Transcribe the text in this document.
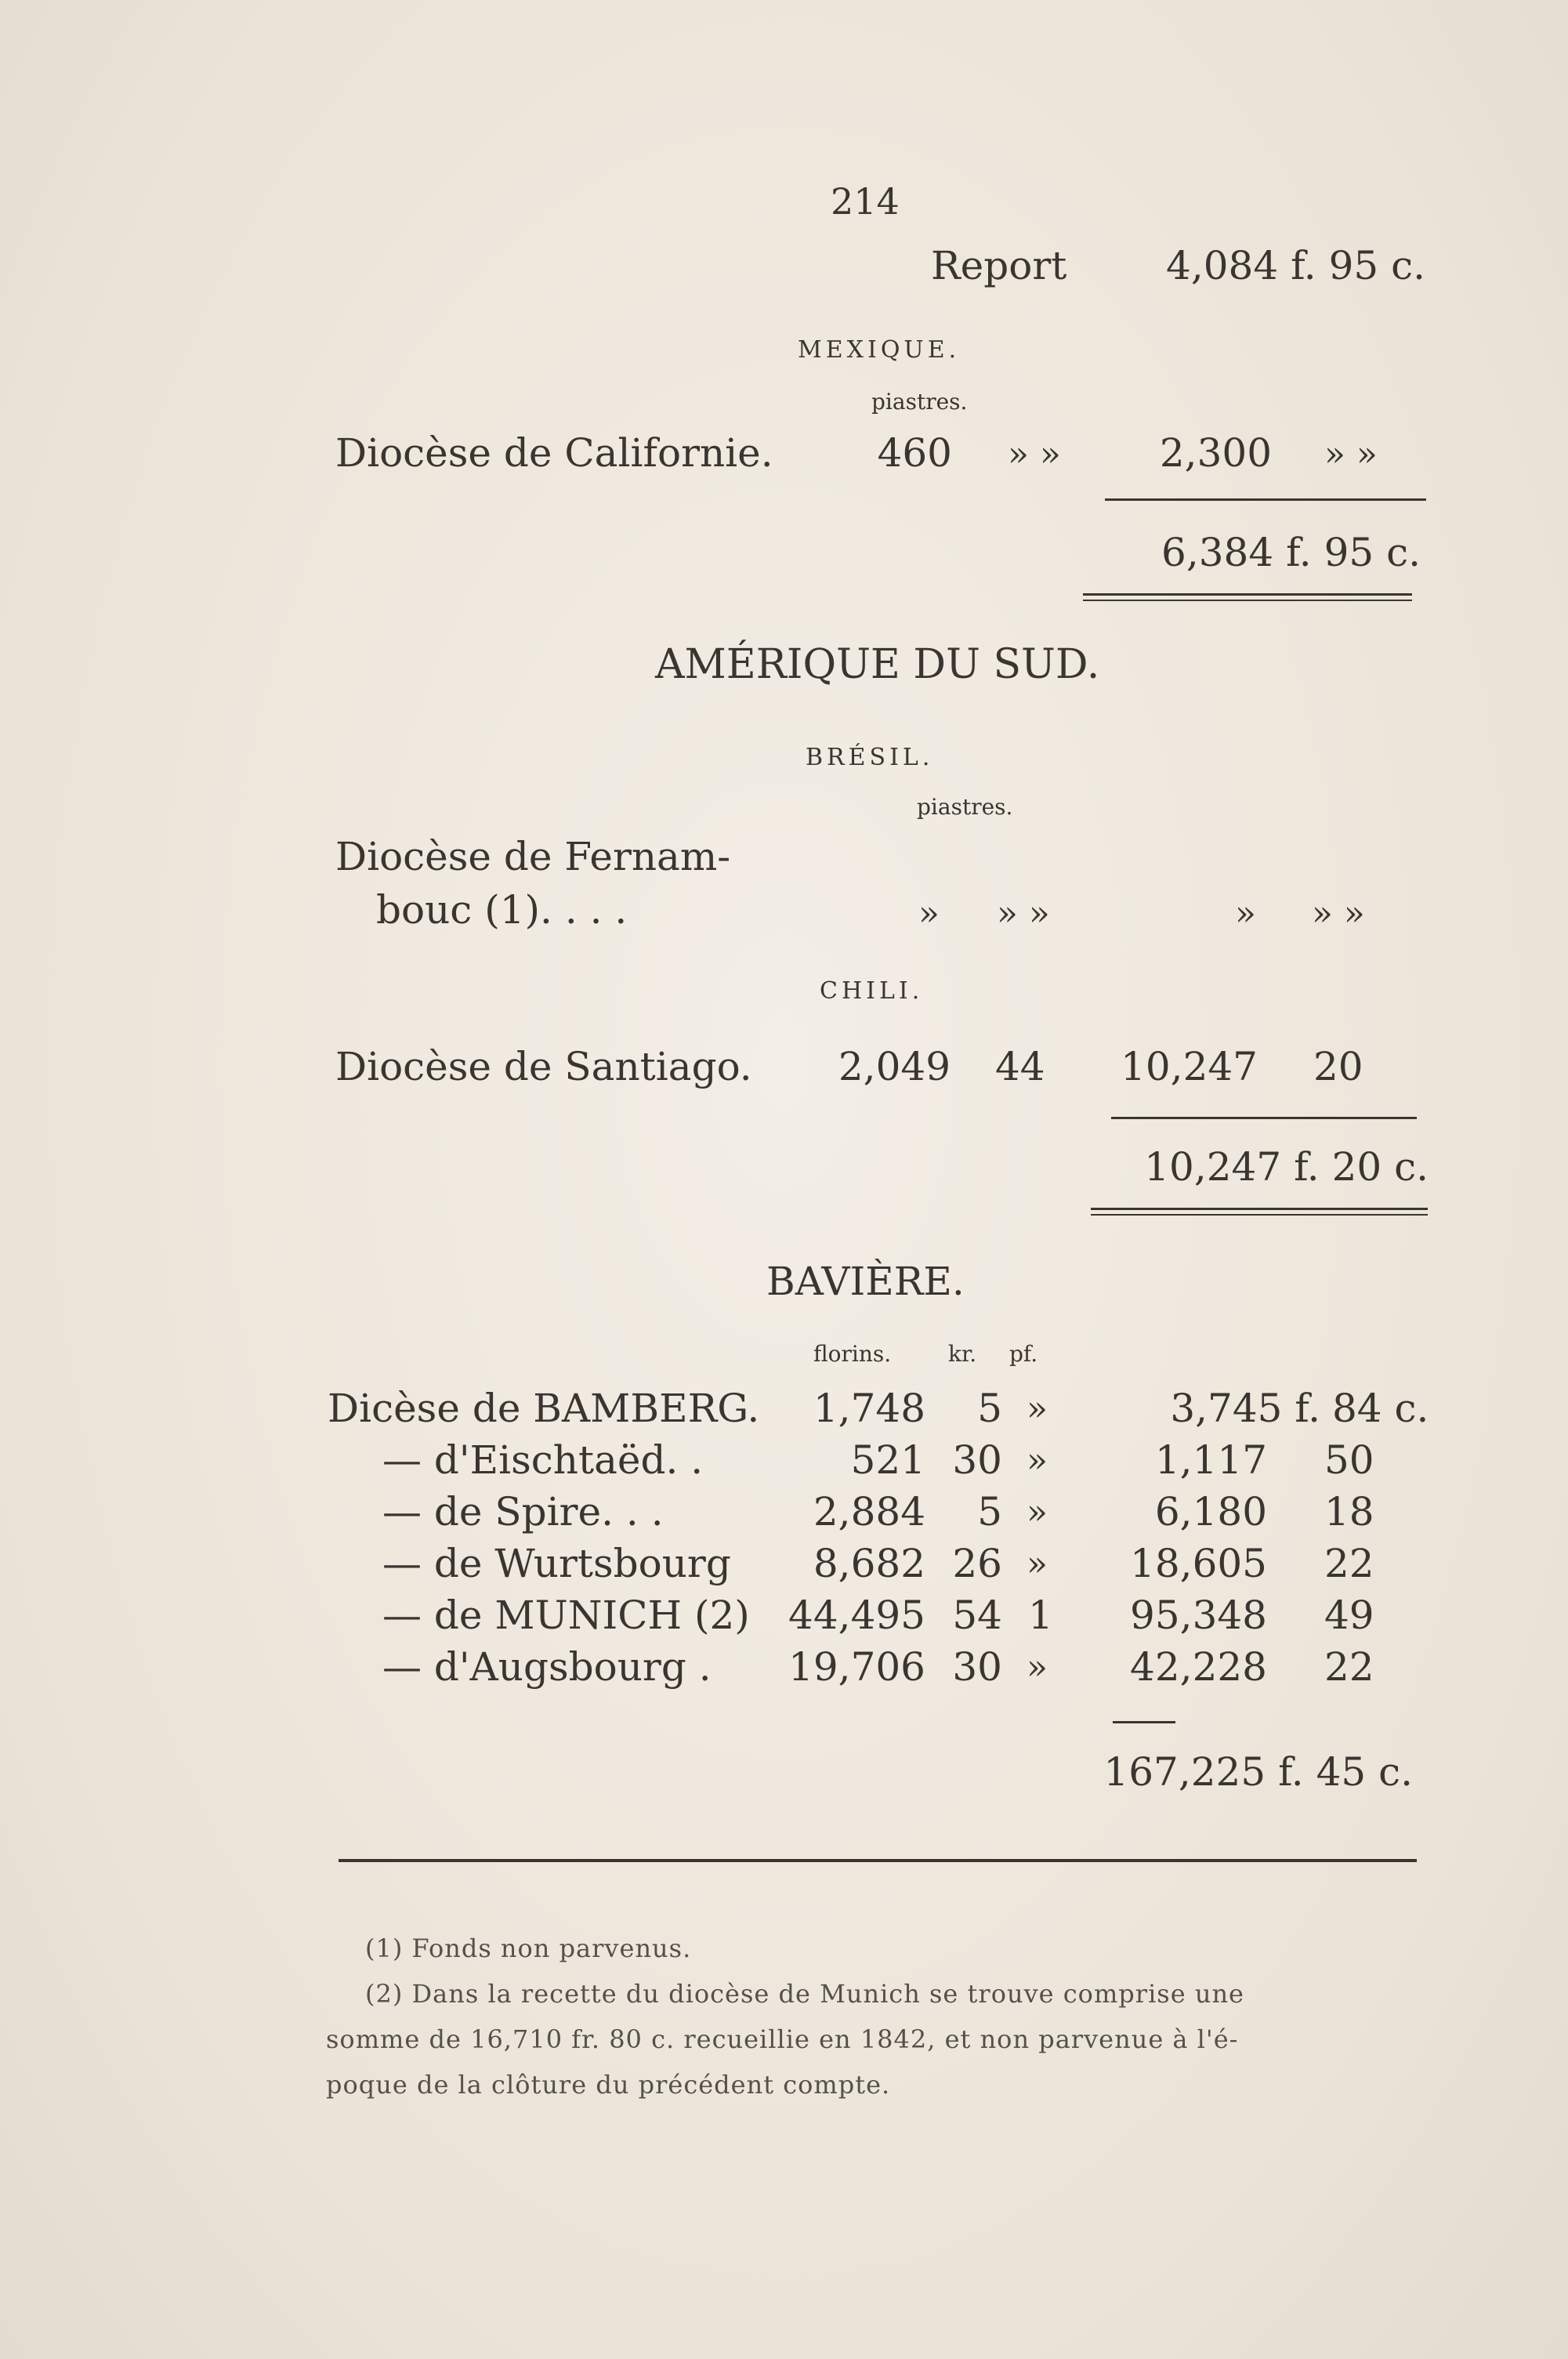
214
Report	4,084 f. 95 c.
MEXIQUE.
piastres.
Diocèse de Californie.	460 » »	2,300 » »
6,384 f. 95 c.
AMÉRIQUE DU SUD.
BRÉSIL.
piastres.
Diocèse de Fernam-
bouc (1). . . .	» » »	» » »
CHILI.
Diocèse de Santiago. 2,049 44 10,247 20
10,247 f. 20 c.
BAVIÈRE.
florins.	kr. pf.
Dicèse de BAMBERG. 1,748 5 »	3,745 f. 84 c.
— d'Eischtaëd. .	521 30 »	1,117 50
— de Spire. . .	2,884 5 »	6,180 18
— de Wurtsbourg 8,682 26 » 18,605 22
— de MUNICH (2) 44,495 54 1 95,348 49
— d'Augsbourg . 19,706 30 » 42,228 22
167,225 f. 45 c.
(1) Fonds non parvenus.
(2) Dans la recette du diocèse de Munich se trouve comprise une
somme de 16,710 fr. 80 c. recueillie en 1842, et non parvenue à l'é-
poque de la clôture du précédent compte.
